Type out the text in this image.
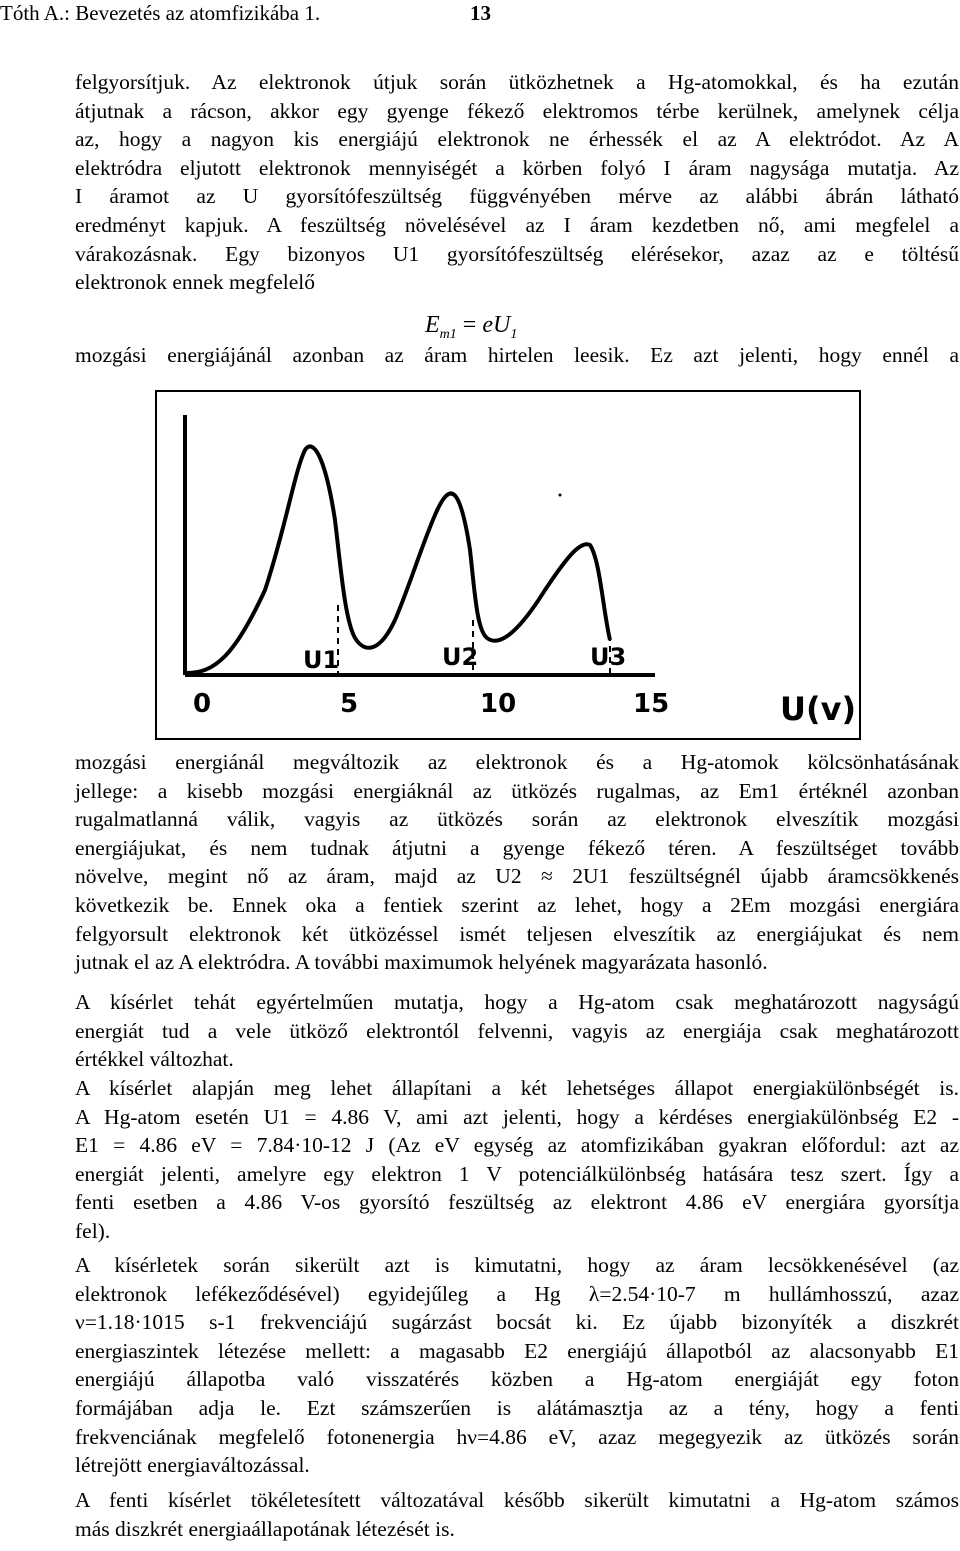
Tóth A.: Bevezetés az atomfizikába 1.	13
felgyorsítjuk. Az elektronok útjuk során ütközhetnek a Hg-atomokkal, és ha ezután
átjutnak a rácson, akkor egy gyenge fékező elektromos térbe kerülnek, amelynek célja
az, hogy a nagyon kis energiájú elektronok ne érhessék el az A elektródot. Az A
elektródra eljutott elektronok mennyiségét a körben folyó I áram nagysága mutatja. Az
I áramot az U gyorsítófeszültség függvényében mérve az alábbi ábrán látható
eredményt kapjuk. A feszültség növelésével az I áram kezdetben nő, ami megfelel a
várakozásnak. Egy bizonyos U1 gyorsítófeszültség elérésekor, azaz az e töltésű
elektronok ennek megfelelő
$E_{m1} = eU_1$
mozgási energiájánál azonban az áram hirtelen leesik. Ez azt jelenti, hogy ennél a
U1	U2	U3
0	5	10	15	U(v)
mozgási energiánál megváltozik az elektronok és a Hg-atomok kölcsönhatásának
jellege: a kisebb mozgási energiáknál az ütközés rugalmas, az Em1 értéknél azonban
rugalmatlanná válik, vagyis az ütközés során az elektronok elveszítik mozgási
energiájukat, és nem tudnak átjutni a gyenge fékező téren. A feszültséget tovább
növelve, megint nő az áram, majd az U2 ≈ 2U1 feszültségnél újabb áramcsökkenés
következik be. Ennek oka a fentiek szerint az lehet, hogy a 2Em mozgási energiára
felgyorsult elektronok két ütközéssel ismét teljesen elveszítik az energiájukat és nem
jutnak el az A elektródra. A további maximumok helyének magyarázata hasonló.
A kísérlet tehát egyértelműen mutatja, hogy a Hg-atom csak meghatározott nagyságú
energiát tud a vele ütköző elektrontól felvenni, vagyis az energiája csak meghatározott
értékkel változhat.
A kísérlet alapján meg lehet állapítani a két lehetséges állapot energiakülönbségét is.
A Hg-atom esetén U1 = 4.86 V, ami azt jelenti, hogy a kérdéses energiakülönbség E2 -
E1 = 4.86 eV = 7.84·10-12 J (Az eV egység az atomfizikában gyakran előfordul: azt az
energiát jelenti, amelyre egy elektron 1 V potenciálkülönbség hatására tesz szert. Így a
fenti esetben a 4.86 V-os gyorsító feszültség az elektront 4.86 eV energiára gyorsítja
fel).
A kísérletek során sikerült azt is kimutatni, hogy az áram lecsökkenésével (az
elektronok lefékeződésével) egyidejűleg a Hg λ=2.54·10-7 m hullámhosszú, azaz
ν=1.18·1015 s-1 frekvenciájú sugárzást bocsát ki. Ez újabb bizonyíték a diszkrét
energiaszintek létezése mellett: a magasabb E2 energiájú állapotból az alacsonyabb E1
energiájú állapotba való visszatérés közben a Hg-atom energiáját egy foton
formájában adja le. Ezt számszerűen is alátámasztja az a tény, hogy a fenti
frekvenciának megfelelő fotonenergia hν=4.86 eV, azaz megegyezik az ütközés során
létrejött energiaváltozással.
A fenti kísérlet tökéletesített változatával később sikerült kimutatni a Hg-atom számos
más diszkrét energiaállapotának létezését is.
